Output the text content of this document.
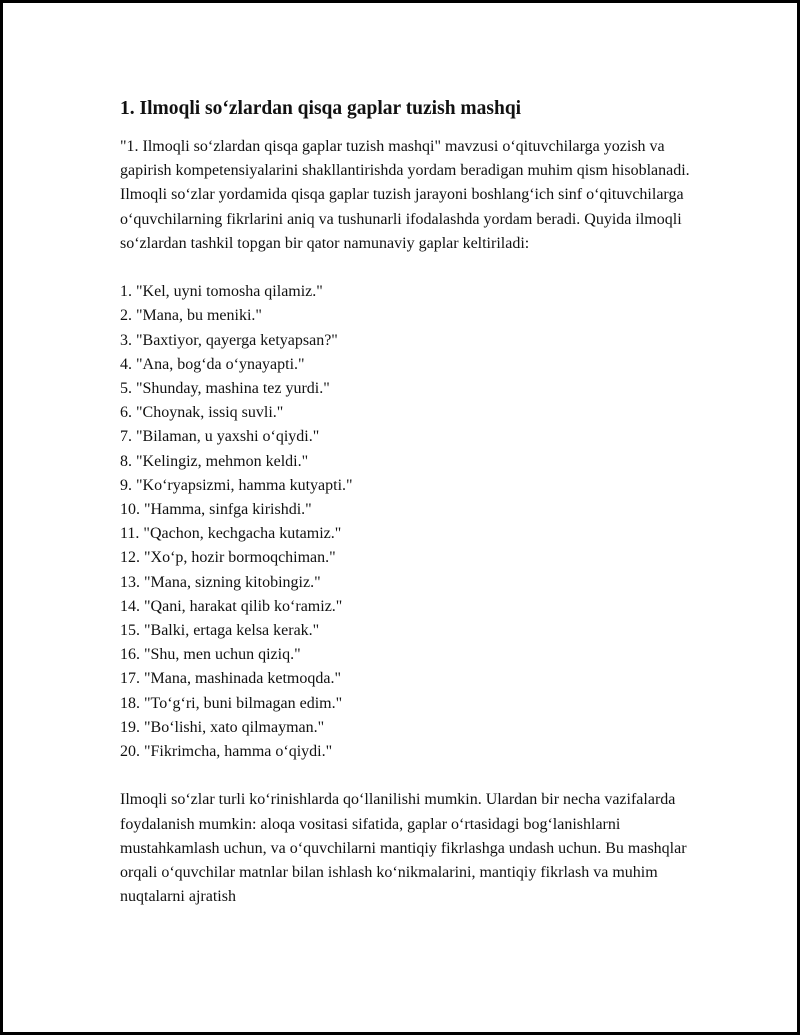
1. Ilmoqli so‘zlardan qisqa gaplar tuzish mashqi

"1. Ilmoqli so‘zlardan qisqa gaplar tuzish mashqi" mavzusi o‘qituvchilarga yozish va gapirish kompetensiyalarini shakllantirishda yordam beradigan muhim qism hisoblanadi. Ilmoqli so‘zlar yordamida qisqa gaplar tuzish jarayoni boshlang‘ich sinf o‘qituvchilarga o‘quvchilarning fikrlarini aniq va tushunarli ifodalashda yordam beradi. Quyida ilmoqli so‘zlardan tashkil topgan bir qator namunaviy gaplar keltiriladi:

1. "Kel, uyni tomosha qilamiz."
2. "Mana, bu meniki."
3. "Baxtiyor, qayerga ketyapsan?"
4. "Ana, bog‘da o‘ynayapti."
5. "Shunday, mashina tez yurdi."
6. "Choynak, issiq suvli."
7. "Bilaman, u yaxshi o‘qiydi."
8. "Kelingiz, mehmon keldi."
9. "Ko‘ryapsizmi, hamma kutyapti."
10. "Hamma, sinfga kirishdi."
11. "Qachon, kechgacha kutamiz."
12. "Xo‘p, hozir bormoqchiman."
13. "Mana, sizning kitobingiz."
14. "Qani, harakat qilib ko‘ramiz."
15. "Balki, ertaga kelsa kerak."
16. "Shu, men uchun qiziq."
17. "Mana, mashinada ketmoqda."
18. "To‘g‘ri, buni bilmagan edim."
19. "Bo‘lishi, xato qilmayman."
20. "Fikrimcha, hamma o‘qiydi."

Ilmoqli so‘zlar turli ko‘rinishlarda qo‘llanilishi mumkin. Ulardan bir necha vazifalarda foydalanish mumkin: aloqa vositasi sifatida, gaplar o‘rtasidagi bog‘lanishlarni mustahkamlash uchun, va o‘quvchilarni mantiqiy fikrlashga undash uchun. Bu mashqlar orqali o‘quvchilar matnlar bilan ishlash ko‘nikmalarini, mantiqiy fikrlash va muhim nuqtalarni ajratish
